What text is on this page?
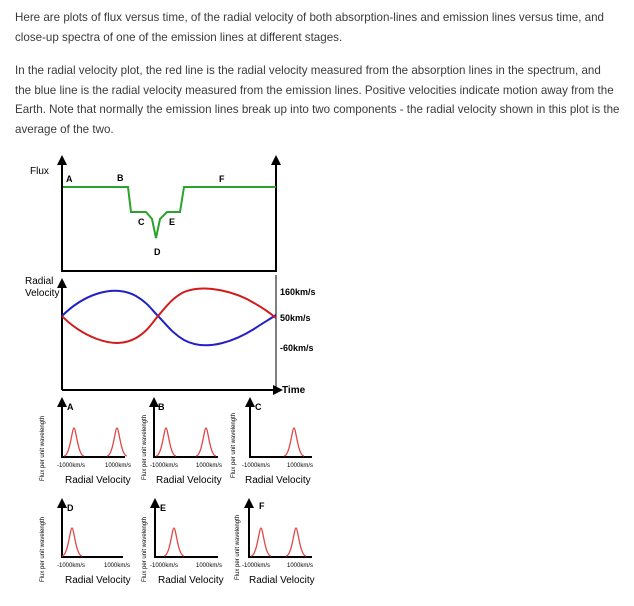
Here are plots of flux versus time, of the radial velocity of both absorption-lines and emission lines versus time, and close-up spectra of one of the emission lines at different stages.

In the radial velocity plot, the red line is the radial velocity measured from the absorption lines in the spectrum, and the blue line is the radial velocity measured from the emission lines. Positive velocities indicate motion away from the Earth. Note that normally the emission lines break up into two components - the radial velocity shown in this plot is the average of the two.

Flux
A	B
C
D
E
F
Radial
Velocity	160km/s
50km/s
-60km/s
Time
A
-1000km/s	1000km/s
Radial Velocity
Flux per unit wavelength
B
-1000km/s	1000km/s
Radial Velocity
Flux per unit wavelength
C
-1000km/s	1000km/s
Radial Velocity
Flux per unit wavelength
D
-1000km/s	1000km/s
Radial Velocity
Flux per unit wavelength
E
-1000km/s	1000km/s
Radial Velocity
Flux per unit wavelength
F
-1000km/s	1000km/s
Radial Velocity
Flux per unit wavelength
